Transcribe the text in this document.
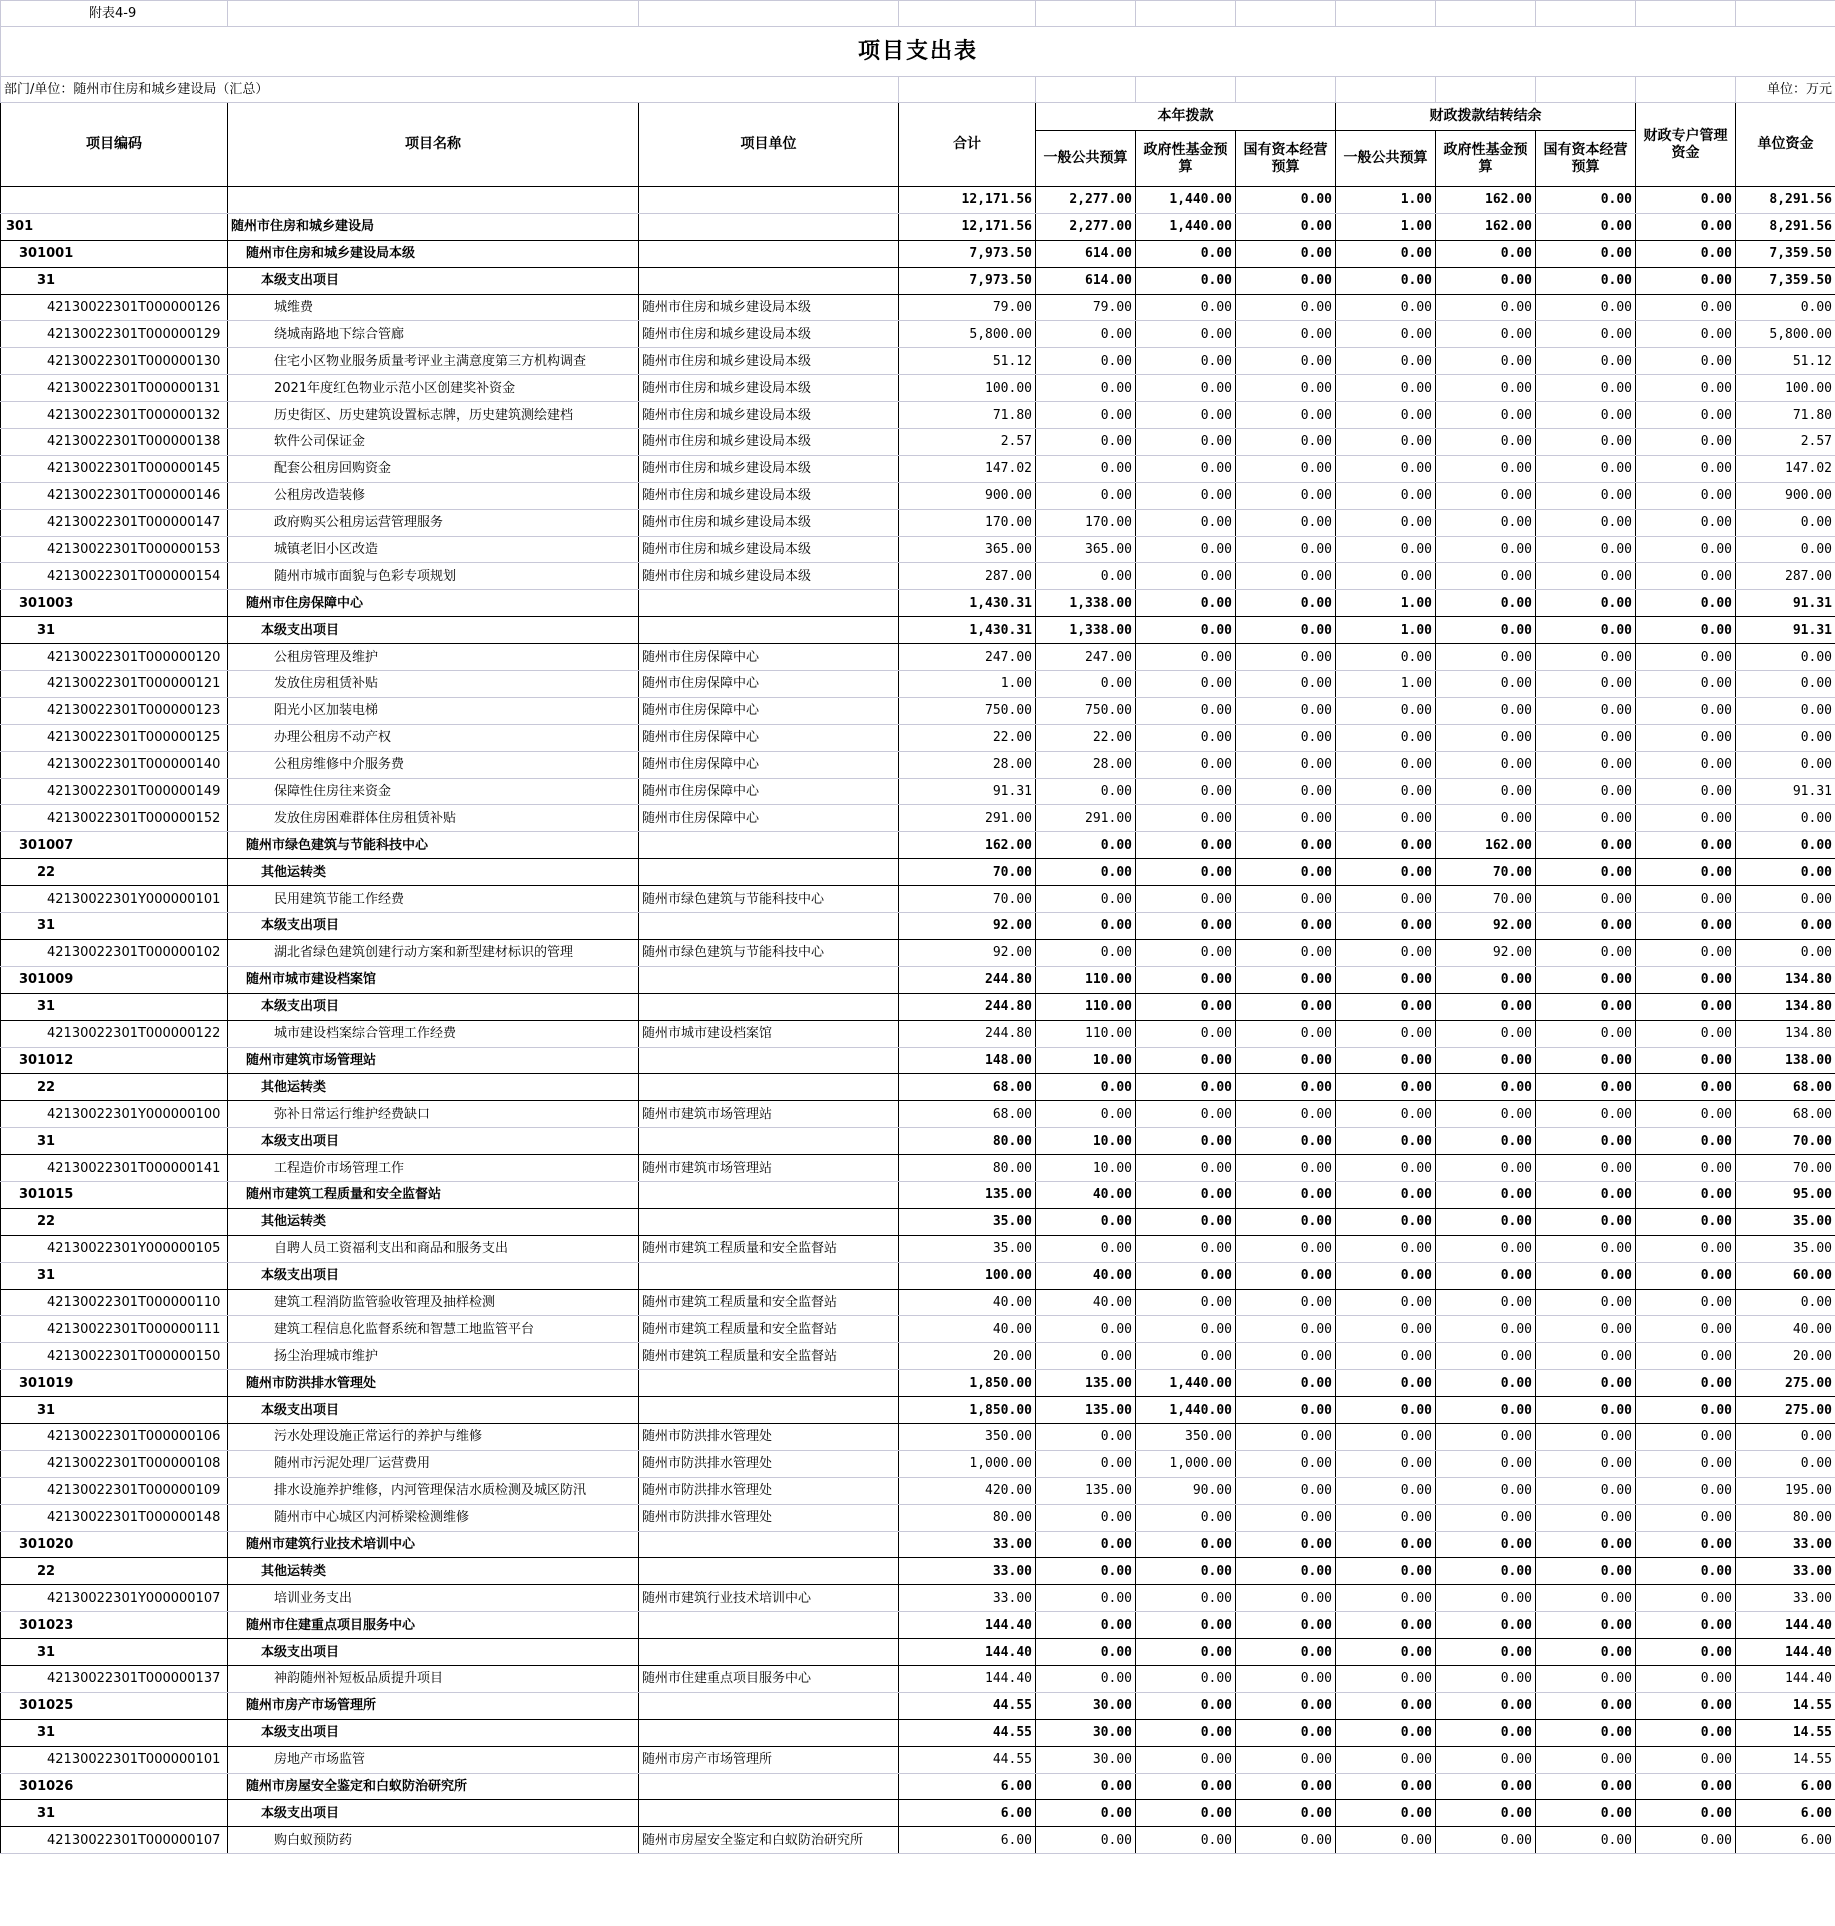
附表4-9											
项目支出表											
部门/单位：随州市住房和城乡建设局（汇总）											单位：万元
项目编码	项目名称	项目单位	合计	本年拨款			财政拨款结转结余			财政专户管理资金	单位资金
				一般公共预算	政府性基金预算	国有资本经营预算	一般公共预算	政府性基金预算	国有资本经营预算		
			12,171.56	2,277.00	1,440.00	0.00	1.00	162.00	0.00	0.00	8,291.56
301	随州市住房和城乡建设局		12,171.56	2,277.00	1,440.00	0.00	1.00	162.00	0.00	0.00	8,291.56
301001	随州市住房和城乡建设局本级		7,973.50	614.00	0.00	0.00	0.00	0.00	0.00	0.00	7,359.50
31	本级支出项目		7,973.50	614.00	0.00	0.00	0.00	0.00	0.00	0.00	7,359.50
42130022301T000000126	城维费	随州市住房和城乡建设局本级	79.00	79.00	0.00	0.00	0.00	0.00	0.00	0.00	0.00
42130022301T000000129	绕城南路地下综合管廊	随州市住房和城乡建设局本级	5,800.00	0.00	0.00	0.00	0.00	0.00	0.00	0.00	5,800.00
42130022301T000000130	住宅小区物业服务质量考评业主满意度第三方机构调查	随州市住房和城乡建设局本级	51.12	0.00	0.00	0.00	0.00	0.00	0.00	0.00	51.12
42130022301T000000131	2021年度红色物业示范小区创建奖补资金	随州市住房和城乡建设局本级	100.00	0.00	0.00	0.00	0.00	0.00	0.00	0.00	100.00
42130022301T000000132	历史街区、历史建筑设置标志牌，历史建筑测绘建档	随州市住房和城乡建设局本级	71.80	0.00	0.00	0.00	0.00	0.00	0.00	0.00	71.80
42130022301T000000138	软件公司保证金	随州市住房和城乡建设局本级	2.57	0.00	0.00	0.00	0.00	0.00	0.00	0.00	2.57
42130022301T000000145	配套公租房回购资金	随州市住房和城乡建设局本级	147.02	0.00	0.00	0.00	0.00	0.00	0.00	0.00	147.02
42130022301T000000146	公租房改造装修	随州市住房和城乡建设局本级	900.00	0.00	0.00	0.00	0.00	0.00	0.00	0.00	900.00
42130022301T000000147	政府购买公租房运营管理服务	随州市住房和城乡建设局本级	170.00	170.00	0.00	0.00	0.00	0.00	0.00	0.00	0.00
42130022301T000000153	城镇老旧小区改造	随州市住房和城乡建设局本级	365.00	365.00	0.00	0.00	0.00	0.00	0.00	0.00	0.00
42130022301T000000154	随州市城市面貌与色彩专项规划	随州市住房和城乡建设局本级	287.00	0.00	0.00	0.00	0.00	0.00	0.00	0.00	287.00
301003	随州市住房保障中心		1,430.31	1,338.00	0.00	0.00	1.00	0.00	0.00	0.00	91.31
31	本级支出项目		1,430.31	1,338.00	0.00	0.00	1.00	0.00	0.00	0.00	91.31
42130022301T000000120	公租房管理及维护	随州市住房保障中心	247.00	247.00	0.00	0.00	0.00	0.00	0.00	0.00	0.00
42130022301T000000121	发放住房租赁补贴	随州市住房保障中心	1.00	0.00	0.00	0.00	1.00	0.00	0.00	0.00	0.00
42130022301T000000123	阳光小区加装电梯	随州市住房保障中心	750.00	750.00	0.00	0.00	0.00	0.00	0.00	0.00	0.00
42130022301T000000125	办理公租房不动产权	随州市住房保障中心	22.00	22.00	0.00	0.00	0.00	0.00	0.00	0.00	0.00
42130022301T000000140	公租房维修中介服务费	随州市住房保障中心	28.00	28.00	0.00	0.00	0.00	0.00	0.00	0.00	0.00
42130022301T000000149	保障性住房往来资金	随州市住房保障中心	91.31	0.00	0.00	0.00	0.00	0.00	0.00	0.00	91.31
42130022301T000000152	发放住房困难群体住房租赁补贴	随州市住房保障中心	291.00	291.00	0.00	0.00	0.00	0.00	0.00	0.00	0.00
301007	随州市绿色建筑与节能科技中心		162.00	0.00	0.00	0.00	0.00	162.00	0.00	0.00	0.00
22	其他运转类		70.00	0.00	0.00	0.00	0.00	70.00	0.00	0.00	0.00
42130022301Y000000101	民用建筑节能工作经费	随州市绿色建筑与节能科技中心	70.00	0.00	0.00	0.00	0.00	70.00	0.00	0.00	0.00
31	本级支出项目		92.00	0.00	0.00	0.00	0.00	92.00	0.00	0.00	0.00
42130022301T000000102	湖北省绿色建筑创建行动方案和新型建材标识的管理	随州市绿色建筑与节能科技中心	92.00	0.00	0.00	0.00	0.00	92.00	0.00	0.00	0.00
301009	随州市城市建设档案馆		244.80	110.00	0.00	0.00	0.00	0.00	0.00	0.00	134.80
31	本级支出项目		244.80	110.00	0.00	0.00	0.00	0.00	0.00	0.00	134.80
42130022301T000000122	城市建设档案综合管理工作经费	随州市城市建设档案馆	244.80	110.00	0.00	0.00	0.00	0.00	0.00	0.00	134.80
301012	随州市建筑市场管理站		148.00	10.00	0.00	0.00	0.00	0.00	0.00	0.00	138.00
22	其他运转类		68.00	0.00	0.00	0.00	0.00	0.00	0.00	0.00	68.00
42130022301Y000000100	弥补日常运行维护经费缺口	随州市建筑市场管理站	68.00	0.00	0.00	0.00	0.00	0.00	0.00	0.00	68.00
31	本级支出项目		80.00	10.00	0.00	0.00	0.00	0.00	0.00	0.00	70.00
42130022301T000000141	工程造价市场管理工作	随州市建筑市场管理站	80.00	10.00	0.00	0.00	0.00	0.00	0.00	0.00	70.00
301015	随州市建筑工程质量和安全监督站		135.00	40.00	0.00	0.00	0.00	0.00	0.00	0.00	95.00
22	其他运转类		35.00	0.00	0.00	0.00	0.00	0.00	0.00	0.00	35.00
42130022301Y000000105	自聘人员工资福利支出和商品和服务支出	随州市建筑工程质量和安全监督站	35.00	0.00	0.00	0.00	0.00	0.00	0.00	0.00	35.00
31	本级支出项目		100.00	40.00	0.00	0.00	0.00	0.00	0.00	0.00	60.00
42130022301T000000110	建筑工程消防监管验收管理及抽样检测	随州市建筑工程质量和安全监督站	40.00	40.00	0.00	0.00	0.00	0.00	0.00	0.00	0.00
42130022301T000000111	建筑工程信息化监督系统和智慧工地监管平台	随州市建筑工程质量和安全监督站	40.00	0.00	0.00	0.00	0.00	0.00	0.00	0.00	40.00
42130022301T000000150	扬尘治理城市维护	随州市建筑工程质量和安全监督站	20.00	0.00	0.00	0.00	0.00	0.00	0.00	0.00	20.00
301019	随州市防洪排水管理处		1,850.00	135.00	1,440.00	0.00	0.00	0.00	0.00	0.00	275.00
31	本级支出项目		1,850.00	135.00	1,440.00	0.00	0.00	0.00	0.00	0.00	275.00
42130022301T000000106	污水处理设施正常运行的养护与维修	随州市防洪排水管理处	350.00	0.00	350.00	0.00	0.00	0.00	0.00	0.00	0.00
42130022301T000000108	随州市污泥处理厂运营费用	随州市防洪排水管理处	1,000.00	0.00	1,000.00	0.00	0.00	0.00	0.00	0.00	0.00
42130022301T000000109	排水设施养护维修，内河管理保洁水质检测及城区防汛	随州市防洪排水管理处	420.00	135.00	90.00	0.00	0.00	0.00	0.00	0.00	195.00
42130022301T000000148	随州市中心城区内河桥梁检测维修	随州市防洪排水管理处	80.00	0.00	0.00	0.00	0.00	0.00	0.00	0.00	80.00
301020	随州市建筑行业技术培训中心		33.00	0.00	0.00	0.00	0.00	0.00	0.00	0.00	33.00
22	其他运转类		33.00	0.00	0.00	0.00	0.00	0.00	0.00	0.00	33.00
42130022301Y000000107	培训业务支出	随州市建筑行业技术培训中心	33.00	0.00	0.00	0.00	0.00	0.00	0.00	0.00	33.00
301023	随州市住建重点项目服务中心		144.40	0.00	0.00	0.00	0.00	0.00	0.00	0.00	144.40
31	本级支出项目		144.40	0.00	0.00	0.00	0.00	0.00	0.00	0.00	144.40
42130022301T000000137	神韵随州补短板品质提升项目	随州市住建重点项目服务中心	144.40	0.00	0.00	0.00	0.00	0.00	0.00	0.00	144.40
301025	随州市房产市场管理所		44.55	30.00	0.00	0.00	0.00	0.00	0.00	0.00	14.55
31	本级支出项目		44.55	30.00	0.00	0.00	0.00	0.00	0.00	0.00	14.55
42130022301T000000101	房地产市场监管	随州市房产市场管理所	44.55	30.00	0.00	0.00	0.00	0.00	0.00	0.00	14.55
301026	随州市房屋安全鉴定和白蚁防治研究所		6.00	0.00	0.00	0.00	0.00	0.00	0.00	0.00	6.00
31	本级支出项目		6.00	0.00	0.00	0.00	0.00	0.00	0.00	0.00	6.00
42130022301T000000107	购白蚁预防药	随州市房屋安全鉴定和白蚁防治研究所	6.00	0.00	0.00	0.00	0.00	0.00	0.00	0.00	6.00
